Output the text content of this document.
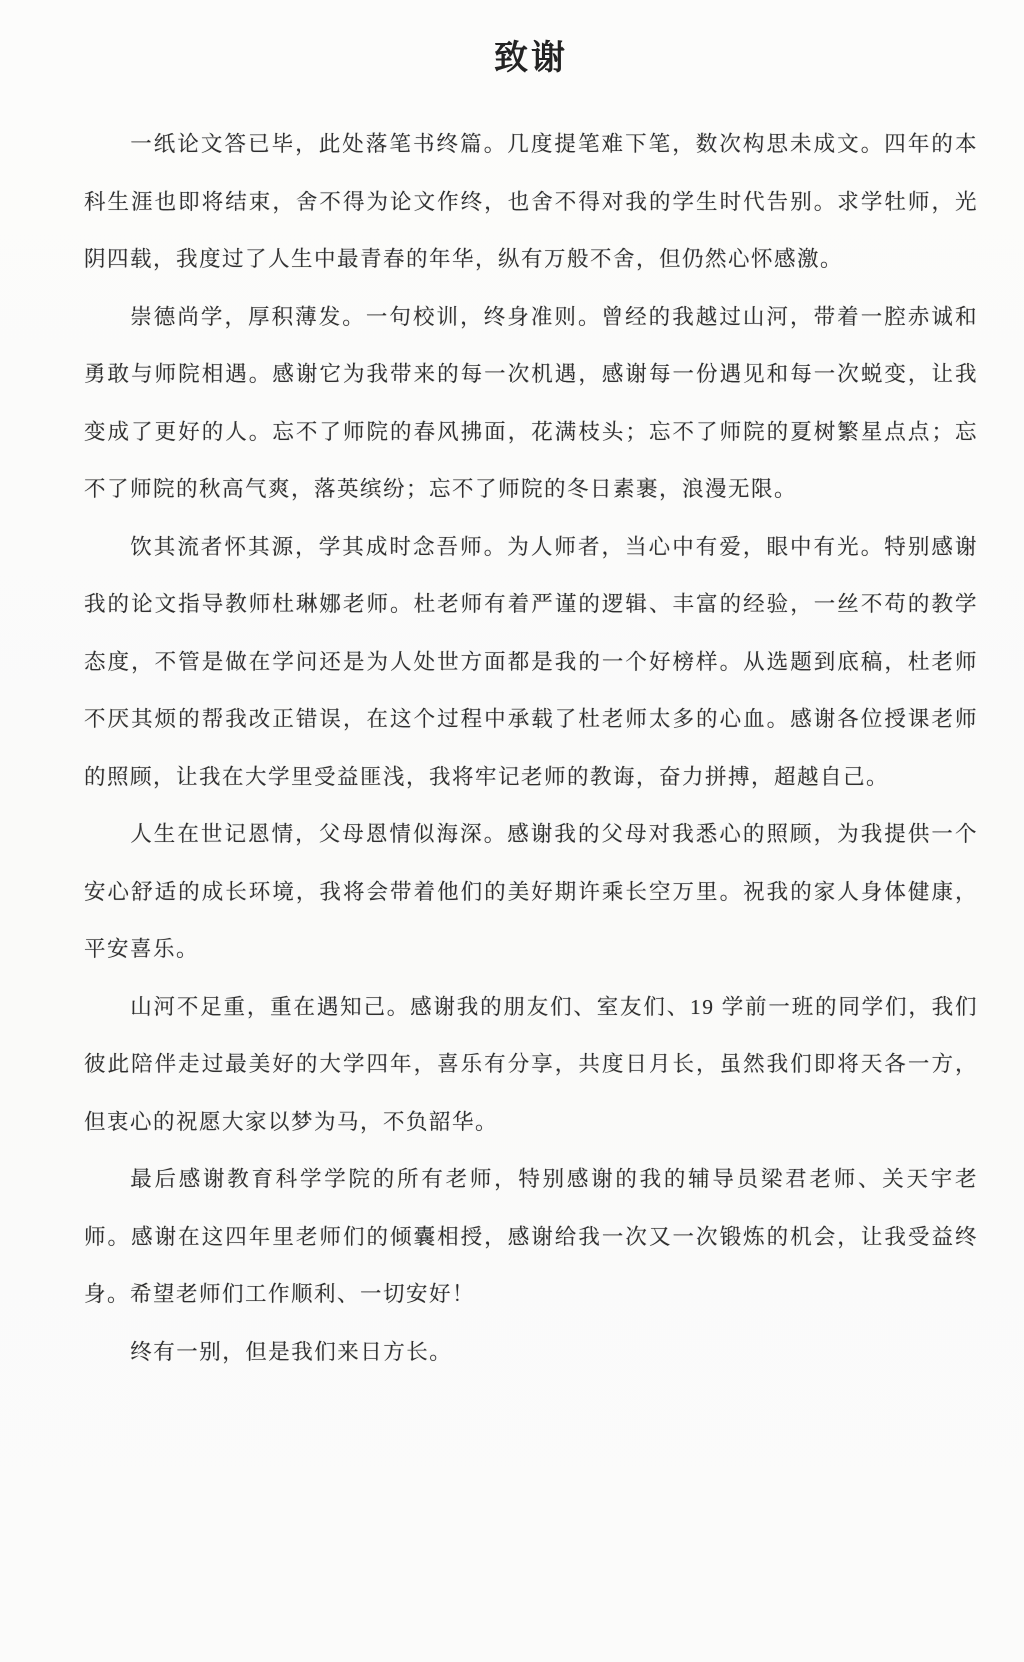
致谢

一纸论文答已毕，此处落笔书终篇。几度提笔难下笔，数次构思未成文。四年的本科生涯也即将结束，舍不得为论文作终，也舍不得对我的学生时代告别。求学牡师，光阴四载，我度过了人生中最青春的年华，纵有万般不舍，但仍然心怀感激。

崇德尚学，厚积薄发。一句校训，终身准则。曾经的我越过山河，带着一腔赤诚和勇敢与师院相遇。感谢它为我带来的每一次机遇，感谢每一份遇见和每一次蜕变，让我变成了更好的人。忘不了师院的春风拂面，花满枝头；忘不了师院的夏树繁星点点；忘不了师院的秋高气爽，落英缤纷；忘不了师院的冬日素裹，浪漫无限。

饮其流者怀其源，学其成时念吾师。为人师者，当心中有爱，眼中有光。特别感谢我的论文指导教师杜琳娜老师。杜老师有着严谨的逻辑、丰富的经验，一丝不苟的教学态度，不管是做在学问还是为人处世方面都是我的一个好榜样。从选题到底稿，杜老师不厌其烦的帮我改正错误，在这个过程中承载了杜老师太多的心血。感谢各位授课老师的照顾，让我在大学里受益匪浅，我将牢记老师的教诲，奋力拼搏，超越自己。

人生在世记恩情，父母恩情似海深。感谢我的父母对我悉心的照顾，为我提供一个安心舒适的成长环境，我将会带着他们的美好期许乘长空万里。祝我的家人身体健康，平安喜乐。

山河不足重，重在遇知己。感谢我的朋友们、室友们、19 学前一班的同学们，我们彼此陪伴走过最美好的大学四年，喜乐有分享，共度日月长，虽然我们即将天各一方，但衷心的祝愿大家以梦为马，不负韶华。

最后感谢教育科学学院的所有老师，特别感谢的我的辅导员梁君老师、关天宇老师。感谢在这四年里老师们的倾囊相授，感谢给我一次又一次锻炼的机会，让我受益终身。希望老师们工作顺利、一切安好！

终有一别，但是我们来日方长。
